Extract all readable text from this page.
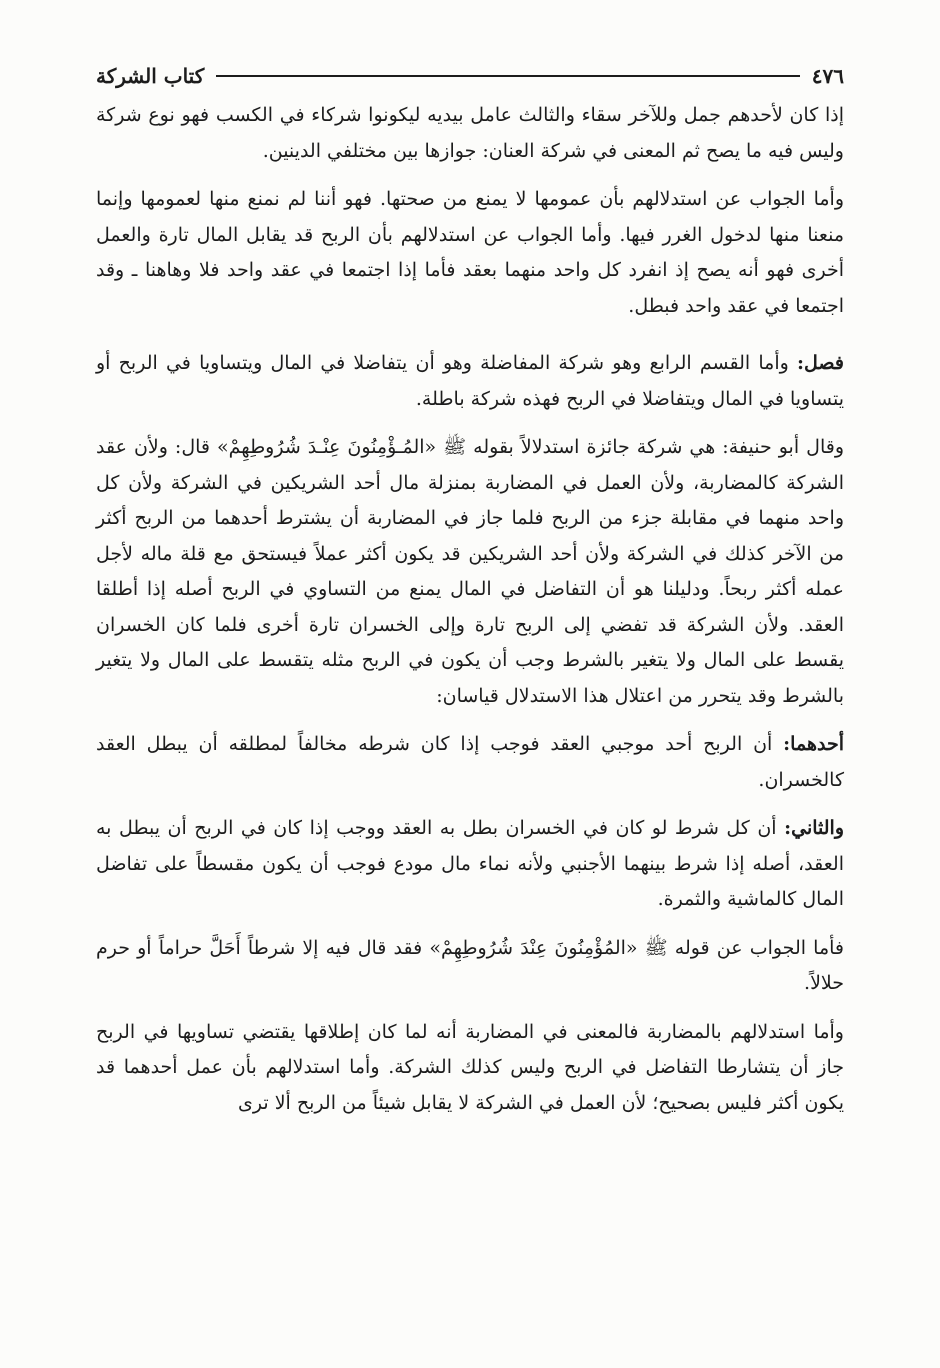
٤٧٦
كتاب الشركة

إذا كان لأحدهم جمل وللآخر سقاء والثالث عامل بيديه ليكونوا شركاء في الكسب فهو نوع شركة وليس فيه ما يصح ثم المعنى في شركة العنان: جوازها بين مختلفي الدينين.

وأما الجواب عن استدلالهم بأن عمومها لا يمنع من صحتها. فهو أننا لم نمنع منها لعمومها وإنما منعنا منها لدخول الغرر فيها. وأما الجواب عن استدلالهم بأن الربح قد يقابل المال تارة والعمل أخرى فهو أنه يصح إذ انفرد كل واحد منهما بعقد فأما إذا اجتمعا في عقد واحد فلا وهاهنا ـ وقد اجتمعا في عقد واحد فبطل.

فصل: وأما القسم الرابع وهو شركة المفاضلة وهو أن يتفاضلا في المال ويتساويا في الربح أو يتساويا في المال ويتفاضلا في الربح فهذه شركة باطلة.

وقال أبو حنيفة: هي شركة جائزة استدلالاً بقوله ﷺ «المُـؤْمِنُونَ عِنْـدَ شُرُوطِهِمْ» قال: ولأن عقد الشركة كالمضاربة، ولأن العمل في المضاربة بمنزلة مال أحد الشريكين في الشركة ولأن كل واحد منهما في مقابلة جزء من الربح فلما جاز في المضاربة أن يشترط أحدهما من الربح أكثر من الآخر كذلك في الشركة ولأن أحد الشريكين قد يكون أكثر عملاً فيستحق مع قلة ماله لأجل عمله أكثر ربحاً. ودليلنا هو أن التفاضل في المال يمنع من التساوي في الربح أصله إذا أطلقا العقد. ولأن الشركة قد تفضي إلى الربح تارة وإلى الخسران تارة أخرى فلما كان الخسران يقسط على المال ولا يتغير بالشرط وجب أن يكون في الربح مثله يتقسط على المال ولا يتغير بالشرط وقد يتحرر من اعتلال هذا الاستدلال قياسان:

أحدهما: أن الربح أحد موجبي العقد فوجب إذا كان شرطه مخالفاً لمطلقه أن يبطل العقد كالخسران.

والثاني: أن كل شرط لو كان في الخسران بطل به العقد ووجب إذا كان في الربح أن يبطل به العقد، أصله إذا شرط بينهما الأجنبي ولأنه نماء مال مودع فوجب أن يكون مقسطاً على تفاضل المال كالماشية والثمرة.

فأما الجواب عن قوله ﷺ «المُؤْمِنُونَ عِنْدَ شُرُوطِهِمْ» فقد قال فيه إلا شرطاً أَحَلَّ حراماً أو حرم حلالاً.

وأما استدلالهم بالمضاربة فالمعنى في المضاربة أنه لما كان إطلاقها يقتضي تساويها في الربح جاز أن يتشارطا التفاضل في الربح وليس كذلك الشركة. وأما استدلالهم بأن عمل أحدهما قد يكون أكثر فليس بصحيح؛ لأن العمل في الشركة لا يقابل شيئاً من الربح ألا ترى
